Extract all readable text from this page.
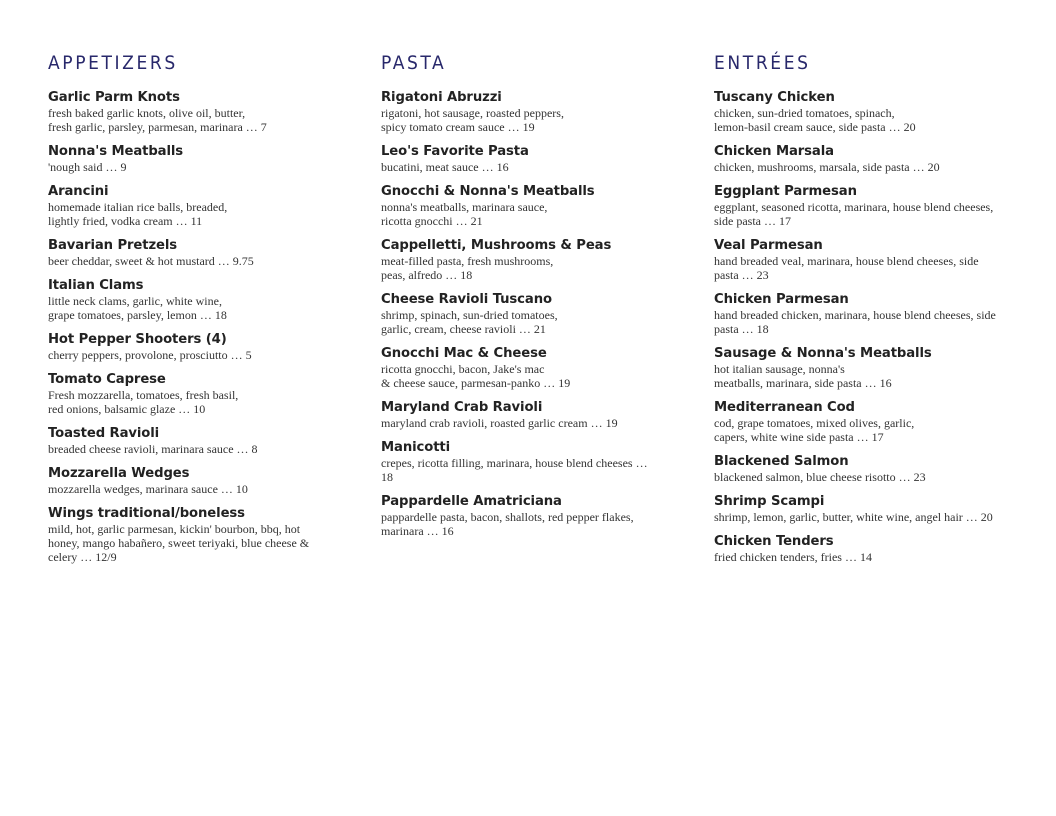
APPETIZERS
Garlic Parm Knots
fresh baked garlic knots, olive oil, butter,
fresh garlic, parsley, parmesan, marinara … 7
Nonna's Meatballs
'nough said … 9
Arancini
homemade italian rice balls, breaded,
lightly fried, vodka cream … 11
Bavarian Pretzels
beer cheddar, sweet & hot mustard … 9.75
Italian Clams
little neck clams, garlic, white wine,
grape tomatoes, parsley, lemon … 18
Hot Pepper Shooters (4)
cherry peppers, provolone, prosciutto … 5
Tomato Caprese
Fresh mozzarella, tomatoes, fresh basil,
red onions, balsamic glaze … 10
Toasted Ravioli
breaded cheese ravioli, marinara sauce … 8
Mozzarella Wedges
mozzarella wedges, marinara sauce … 10
Wings traditional/boneless
mild, hot, garlic parmesan, kickin' bourbon, bbq, hot
honey, mango habañero, sweet teriyaki, blue cheese &
celery … 12/9
PASTA
Rigatoni Abruzzi
rigatoni, hot sausage, roasted peppers,
spicy tomato cream sauce … 19
Leo's Favorite Pasta
bucatini, meat sauce … 16
Gnocchi & Nonna's Meatballs
nonna's meatballs, marinara sauce,
ricotta gnocchi … 21
Cappelletti, Mushrooms & Peas
meat-filled pasta, fresh mushrooms,
peas, alfredo … 18
Cheese Ravioli Tuscano
shrimp, spinach, sun-dried tomatoes,
garlic, cream, cheese ravioli … 21
Gnocchi Mac & Cheese
ricotta gnocchi, bacon, Jake's mac
& cheese sauce, parmesan-panko … 19
Maryland Crab Ravioli
maryland crab ravioli, roasted garlic cream … 19
Manicotti
crepes, ricotta filling, marinara, house blend cheeses …
18
Pappardelle Amatriciana
pappardelle pasta, bacon, shallots, red pepper flakes,
marinara … 16
ENTRÉES
Tuscany Chicken
chicken, sun-dried tomatoes, spinach,
lemon-basil cream sauce, side pasta … 20
Chicken Marsala
chicken, mushrooms, marsala, side pasta … 20
Eggplant Parmesan
eggplant, seasoned ricotta, marinara, house blend cheeses,
side pasta … 17
Veal Parmesan
hand breaded veal, marinara, house blend cheeses, side
pasta … 23
Chicken Parmesan
hand breaded chicken, marinara, house blend cheeses, side
pasta … 18
Sausage & Nonna's Meatballs
hot italian sausage, nonna's
meatballs, marinara, side pasta … 16
Mediterranean Cod
cod, grape tomatoes, mixed olives, garlic,
capers, white wine side pasta … 17
Blackened Salmon
blackened salmon, blue cheese risotto … 23
Shrimp Scampi
shrimp, lemon, garlic, butter, white wine, angel hair … 20
Chicken Tenders
fried chicken tenders, fries … 14
